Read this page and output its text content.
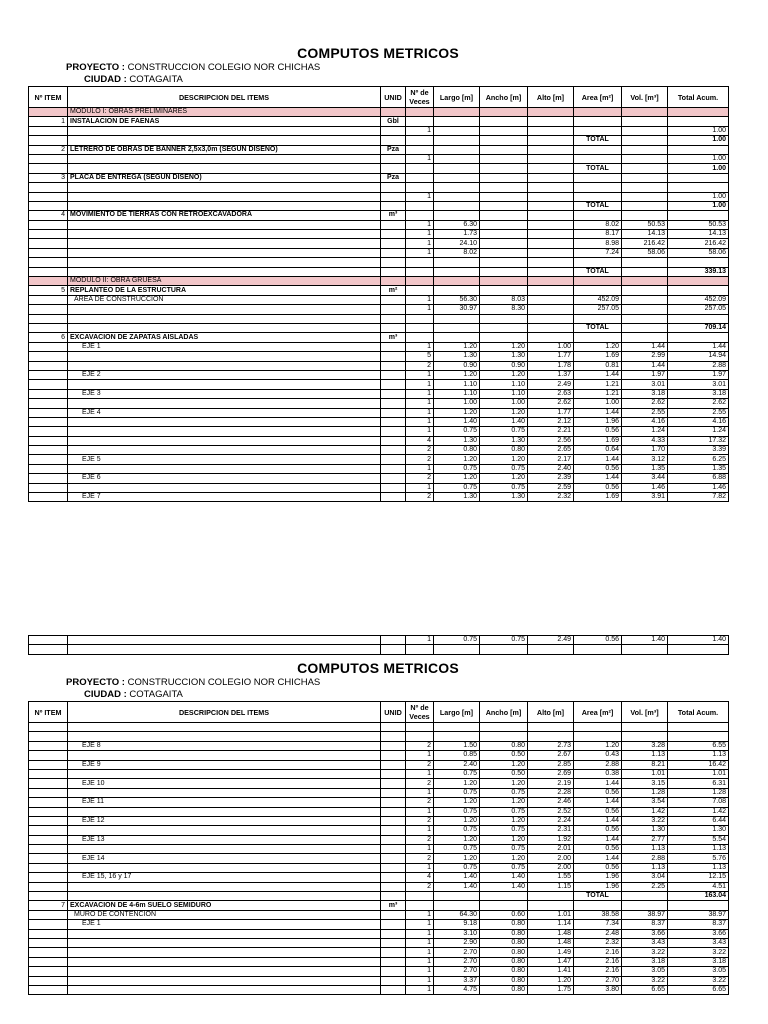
COMPUTOS METRICOS
PROYECTO : CONSTRUCCION COLEGIO NOR CHICHAS
CIUDAD : COTAGAITA
Nº ITEM	DESCRIPCION DEL ITEMS	UNID	Nº de Veces	Largo [m]	Ancho [m]	Alto [m]	Area [m²]	Vol. [m³]	Total Acum.
	MODULO I: OBRAS PRELIMINARES								
1	INSTALACION DE FAENAS	Gbl							
			1						1.00
							TOTAL		1.00
2	LETRERO DE OBRAS DE BANNER 2,5x3,0m (SEGÚN DISEÑO)	Pza							
			1						1.00
							TOTAL		1.00
3	PLACA DE ENTREGA (SEGÚN DISEÑO)	Pza							

			1						1.00
							TOTAL		1.00
4	MOVIMIENTO DE TIERRAS CON RETROEXCAVADORA	m³							
			1	6.30			8.02	50.53	50.53
			1	1.73			8.17	14.13	14.13
			1	24.10			8.98	216.42	216.42
			1	8.02			7.24	58.06	58.06

							TOTAL		339.13
	MODULO II: OBRA GRUESA								
5	REPLANTEO DE LA ESTRUCTURA	m²							
	AREA DE CONSTRUCCION		1	56.30	8.03		452.09		452.09
			1	30.97	8.30		257.05		257.05

							TOTAL		709.14
6	EXCAVACION DE ZAPATAS AISLADAS	m³							
	EJE 1		1	1.20	1.20	1.00	1.20	1.44	1.44
			5	1.30	1.30	1.77	1.69	2.99	14.94
			2	0.90	0.90	1.78	0.81	1.44	2.88
	EJE 2		1	1.20	1.20	1.37	1.44	1.97	1.97
			1	1.10	1.10	2.49	1.21	3.01	3.01
	EJE 3		1	1.10	1.10	2.63	1.21	3.18	3.18
			1	1.00	1.00	2.62	1.00	2.62	2.62
	EJE 4		1	1.20	1.20	1.77	1.44	2.55	2.55
			1	1.40	1.40	2.12	1.96	4.16	4.16
			1	0.75	0.75	2.21	0.56	1.24	1.24
			4	1.30	1.30	2.56	1.69	4.33	17.32
			2	0.80	0.80	2.65	0.64	1.70	3.39
	EJE 5		2	1.20	1.20	2.17	1.44	3.12	6.25
			1	0.75	0.75	2.40	0.56	1.35	1.35
	EJE 6		2	1.20	1.20	2.39	1.44	3.44	6.88
			1	0.75	0.75	2.59	0.56	1.46	1.46
	EJE 7		2	1.30	1.30	2.32	1.69	3.91	7.82
			1	0.75	0.75	2.49	0.56	1.40	1.40

COMPUTOS METRICOS
PROYECTO : CONSTRUCCION COLEGIO NOR CHICHAS
CIUDAD : COTAGAITA
Nº ITEM	DESCRIPCION DEL ITEMS	UNID	Nº de Veces	Largo [m]	Ancho [m]	Alto [m]	Area [m²]	Vol. [m³]	Total Acum.

	EJE 8		2	1.50	0.80	2.73	1.20	3.28	6.55
			1	0.85	0.50	2.67	0.43	1.13	1.13
	EJE 9		2	2.40	1.20	2.85	2.88	8.21	16.42
			1	0.75	0.50	2.69	0.38	1.01	1.01
	EJE 10		2	1.20	1.20	2.19	1.44	3.15	6.31
			1	0.75	0.75	2.28	0.56	1.28	1.28
	EJE 11		2	1.20	1.20	2.46	1.44	3.54	7.08
			1	0.75	0.75	2.52	0.56	1.42	1.42
	EJE 12		2	1.20	1.20	2.24	1.44	3.22	6.44
			1	0.75	0.75	2.31	0.56	1.30	1.30
	EJE 13		2	1.20	1.20	1.92	1.44	2.77	5.54
			1	0.75	0.75	2.01	0.56	1.13	1.13
	EJE 14		2	1.20	1.20	2.00	1.44	2.88	5.76
			1	0.75	0.75	2.00	0.56	1.13	1.13
	EJE 15, 16 y 17		4	1.40	1.40	1.55	1.96	3.04	12.15
			2	1.40	1.40	1.15	1.96	2.25	4.51
							TOTAL		163.04
7	EXCAVACION DE 4-6m SUELO SEMIDURO	m³							
	MURO DE CONTENCION		1	64.30	0.60	1.01	38.58	38.97	38.97
	EJE 1		1	9.18	0.80	1.14	7.34	8.37	8.37
			1	3.10	0.80	1.48	2.48	3.66	3.66
			1	2.90	0.80	1.48	2.32	3.43	3.43
			1	2.70	0.80	1.49	2.16	3.22	3.22
			1	2.70	0.80	1.47	2.16	3.18	3.18
			1	2.70	0.80	1.41	2.16	3.05	3.05
			1	3.37	0.80	1.20	2.70	3.22	3.22
			1	4.75	0.80	1.75	3.80	6.65	6.65
